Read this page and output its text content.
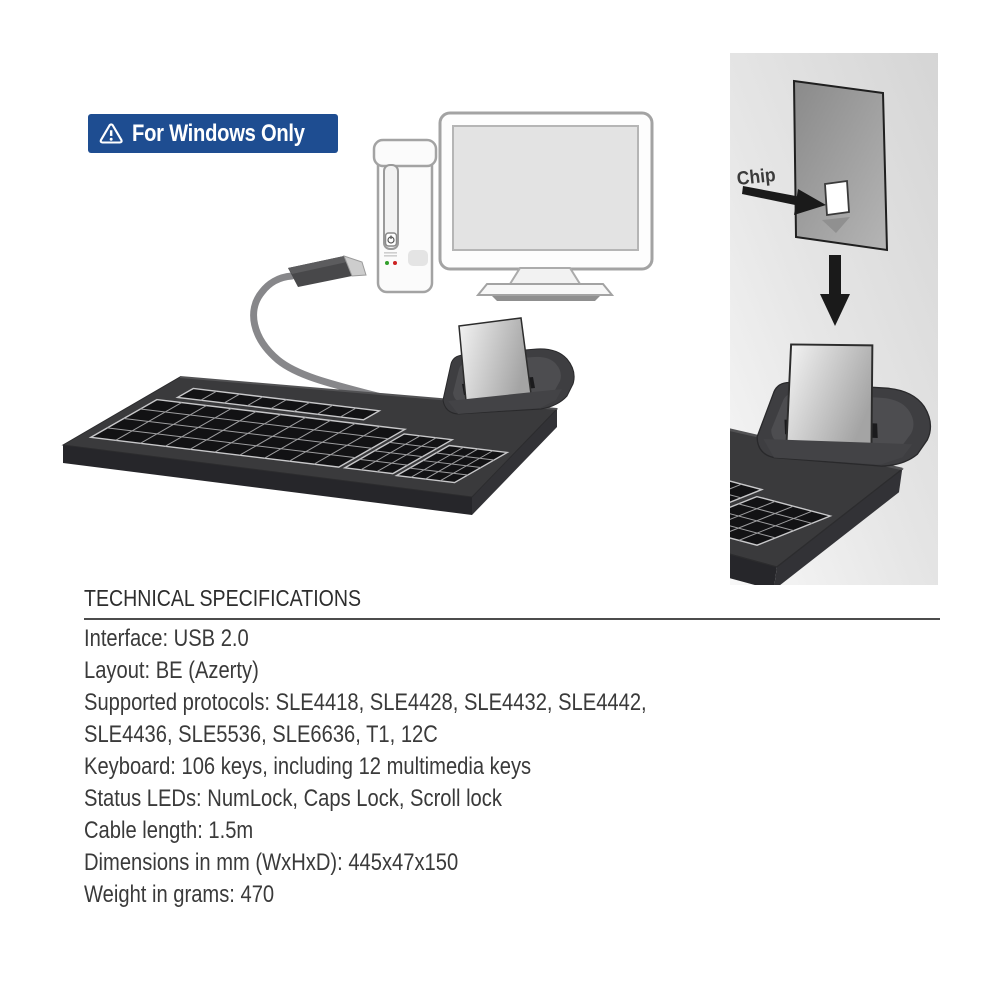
For Windows Only
Chip
TECHNICAL SPECIFICATIONS
Interface: USB 2.0
Layout: BE (Azerty)
Supported protocols: SLE4418, SLE4428, SLE4432, SLE4442,
SLE4436, SLE5536, SLE6636, T1, 12C
Keyboard: 106 keys, including 12 multimedia keys
Status LEDs: NumLock, Caps Lock, Scroll lock
Cable length: 1.5m
Dimensions in mm (WxHxD): 445x47x150
Weight in grams: 470
